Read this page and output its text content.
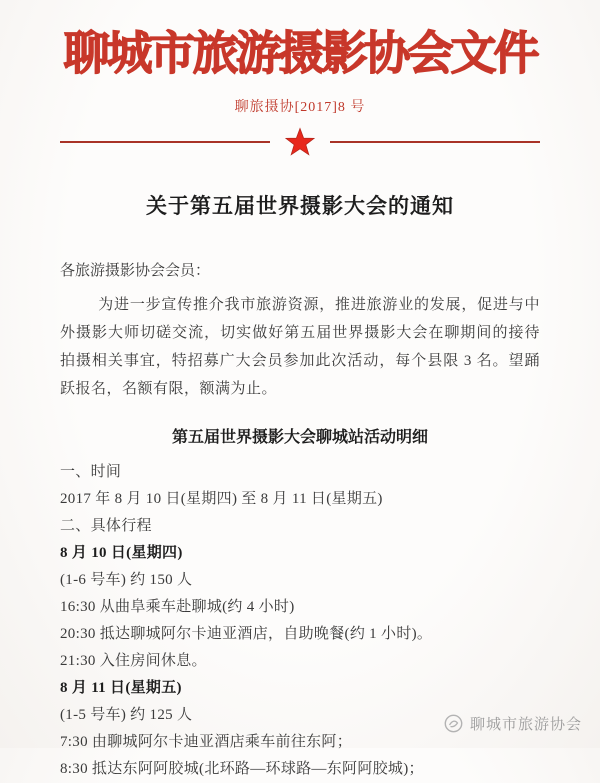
聊城市旅游摄影协会文件
聊旅摄协[2017]8 号
关于第五届世界摄影大会的通知
各旅游摄影协会会员：
为进一步宣传推介我市旅游资源，推进旅游业的发展，促进与中外摄影大师切磋交流，切实做好第五届世界摄影大会在聊期间的接待拍摄相关事宜，特招募广大会员参加此次活动，每个县限 3 名。望踊跃报名，名额有限，额满为止。
第五届世界摄影大会聊城站活动明细
一、时间
2017 年 8 月 10 日(星期四) 至 8 月 11 日(星期五)
二、具体行程
8 月 10 日(星期四)
(1-6 号车) 约 150 人
16:30 从曲阜乘车赴聊城(约 4 小时)
20:30 抵达聊城阿尔卡迪亚酒店，自助晚餐(约 1 小时)。
21:30 入住房间休息。
8 月 11 日(星期五)
(1-5 号车) 约 125 人
7:30 由聊城阿尔卡迪亚酒店乘车前往东阿；
8:30 抵达东阿阿胶城(北环路—环球路—东阿阿胶城)；
聊城市旅游协会
